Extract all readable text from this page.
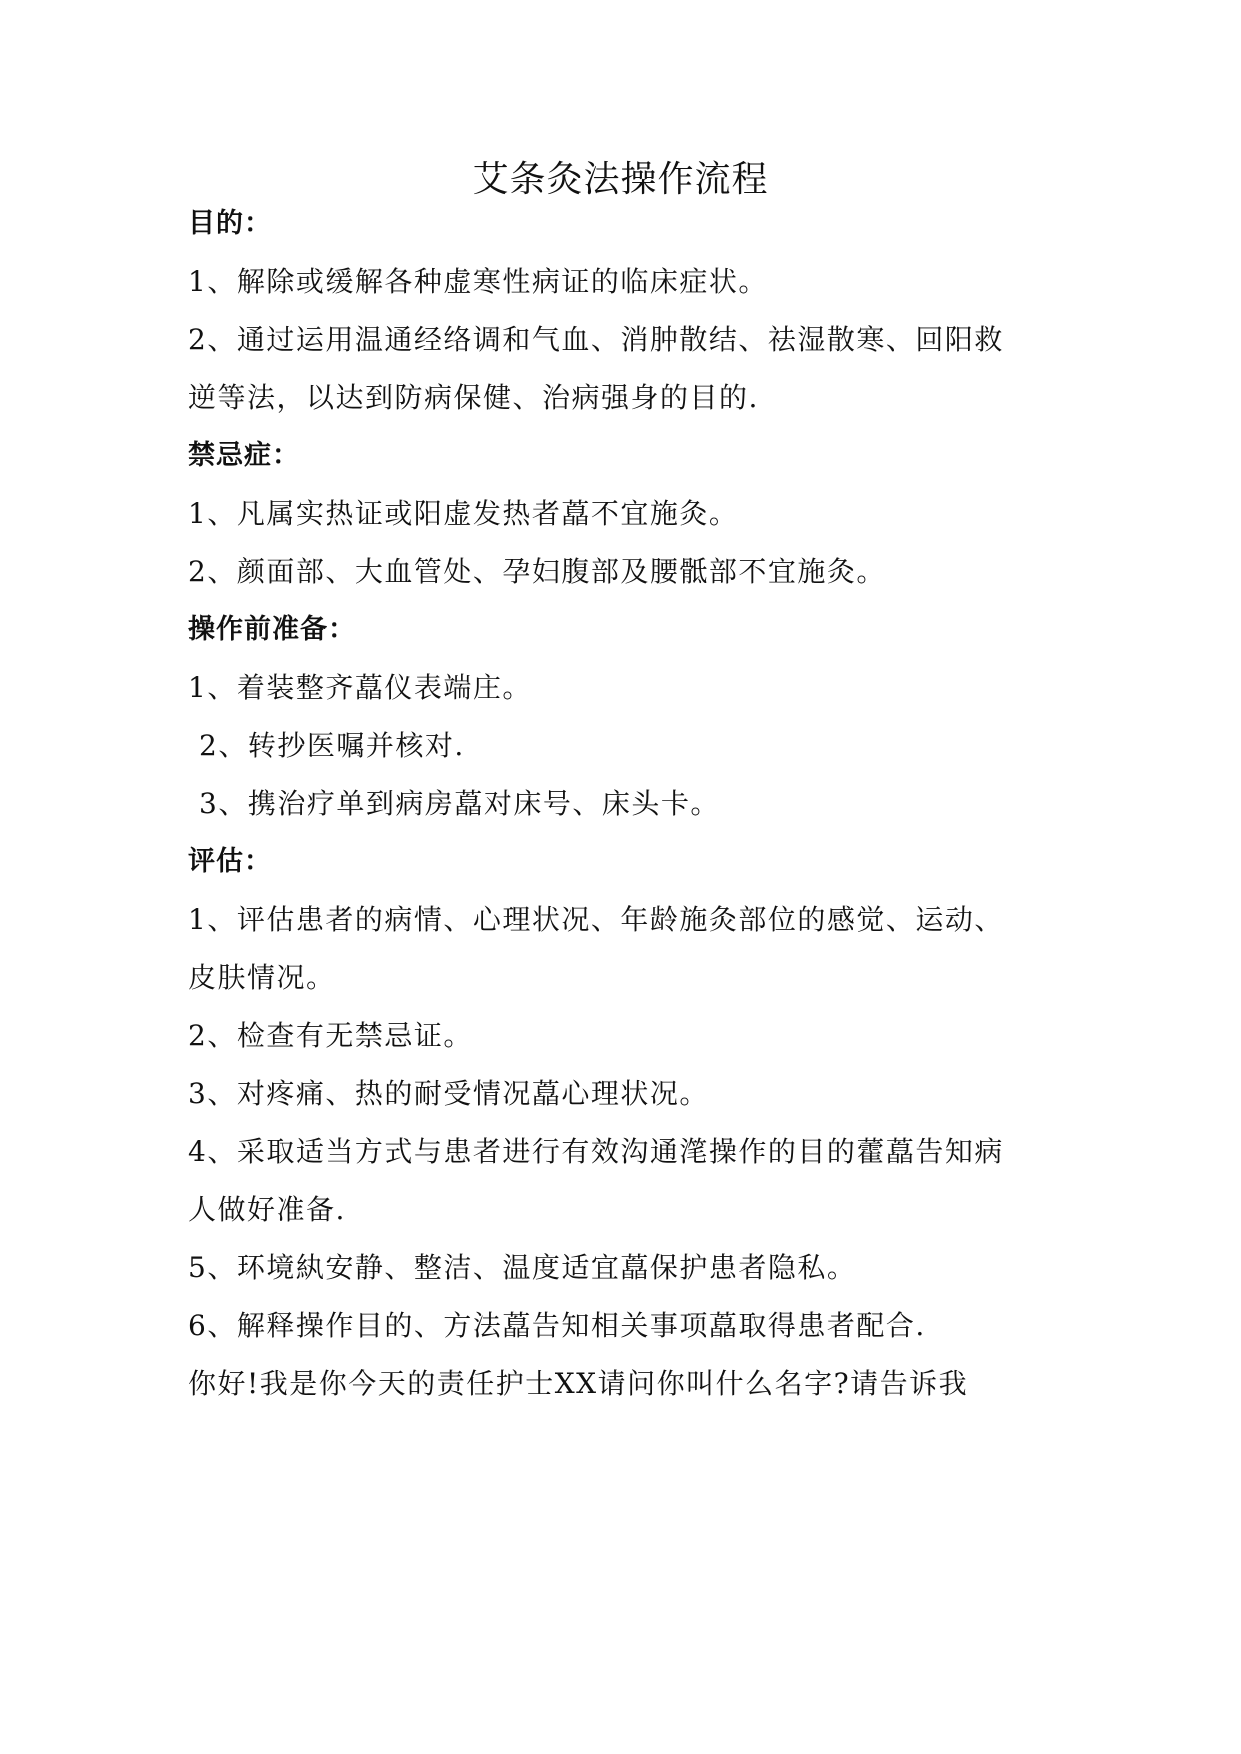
艾条灸法操作流程
目的：
1、解除或缓解各种虚寒性病证的临床症状。
2、通过运用温通经络调和气血、消肿散结、祛湿散寒、回阳救
逆等法，以达到防病保健、治病强身的目的.
禁忌症：
1、凡属实热证或阳虚发热者藠不宜施灸。
2、颜面部、大血管处、孕妇腹部及腰骶部不宜施灸。
操作前准备：
1、着装整齐藠仪表端庄。
2、转抄医嘱并核对.
3、携治疗单到病房藠对床号、床头卡。
评估：
1、评估患者的病情、心理状况、年龄施灸部位的感觉、运动、
皮肤情况。
2、检查有无禁忌证。
3、对疼痛、热的耐受情况藠心理状况。
4、采取适当方式与患者进行有效沟通滗操作的目的藿藠告知病
人做好准备.
5、环境紈安静、整洁、温度适宜藠保护患者隐私。
6、解释操作目的、方法藠告知相关事项藠取得患者配合.
你好!我是你今天的责任护士XX请问你叫什么名字?请告诉我
